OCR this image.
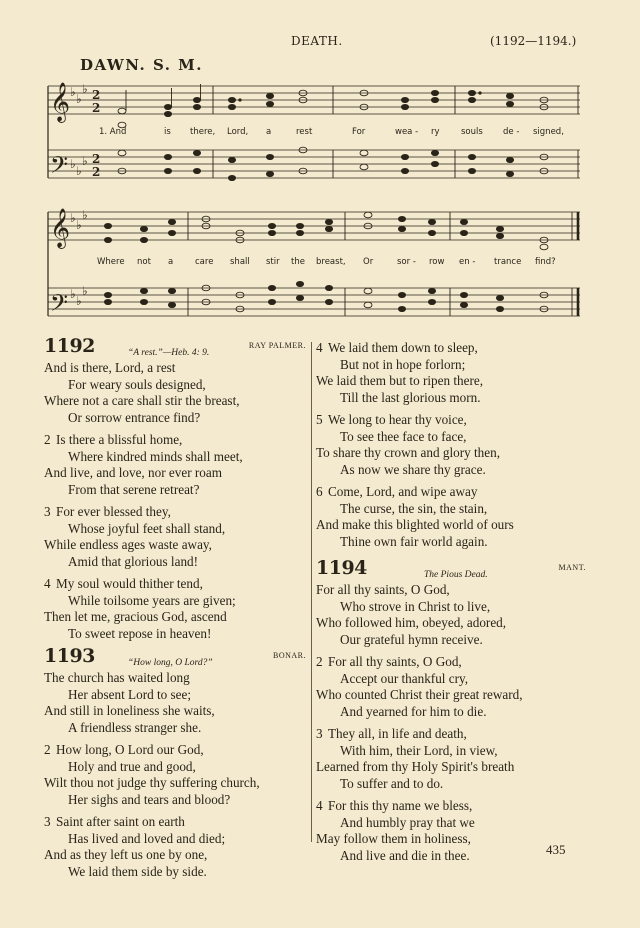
DEATH.	(1192—1194.)
DAWN. S. M.
𝄞
𝄢
𝄞
𝄢
♭ ♭
♭
♭ ♭
♭
♭ ♭
♭
♭ ♭
♭
2
2
2
2
1. And	is there, Lord, a	rest	For	wea - ry	souls de - signed,
Where not a	care shall stir the breast, Or	sor - row en - trance find?
1192	“A rest.”—Heb. 4: 9.
RAY PALMER.
And is there, Lord, a rest
For weary souls designed,
Where not a care shall stir the breast,
Or sorrow entrance find?
2 Is there a blissful home,
Where kindred minds shall meet,
And live, and love, nor ever roam
From that serene retreat?
3 For ever blessed they,
Whose joyful feet shall stand,
While endless ages waste away,
Amid that glorious land!
4 My soul would thither tend,
While toilsome years are given;
Then let me, gracious God, ascend
To sweet repose in heaven!
1193	“How long, O Lord?”
BONAR.
The church has waited long
Her absent Lord to see;
And still in loneliness she waits,
A friendless stranger she.
2 How long, O Lord our God,
Holy and true and good,
Wilt thou not judge thy suffering church,
Her sighs and tears and blood?
3 Saint after saint on earth
Has lived and loved and died;
And as they left us one by one,
We laid them side by side.
4 We laid them down to sleep,
But not in hope forlorn;
We laid them but to ripen there,
Till the last glorious morn.
5 We long to hear thy voice,
To see thee face to face,
To share thy crown and glory then,
As now we share thy grace.
6 Come, Lord, and wipe away
The curse, the sin, the stain,
And make this blighted world of ours
Thine own fair world again.
1194	The Pious Dead.
MANT.
For all thy saints, O God,
Who strove in Christ to live,
Who followed him, obeyed, adored,
Our grateful hymn receive.
2 For all thy saints, O God,
Accept our thankful cry,
Who counted Christ their great reward,
And yearned for him to die.
3 They all, in life and death,
With him, their Lord, in view,
Learned from thy Holy Spirit's breath
To suffer and to do.
4 For this thy name we bless,
And humbly pray that we
May follow them in holiness,
And live and die in thee.	435
